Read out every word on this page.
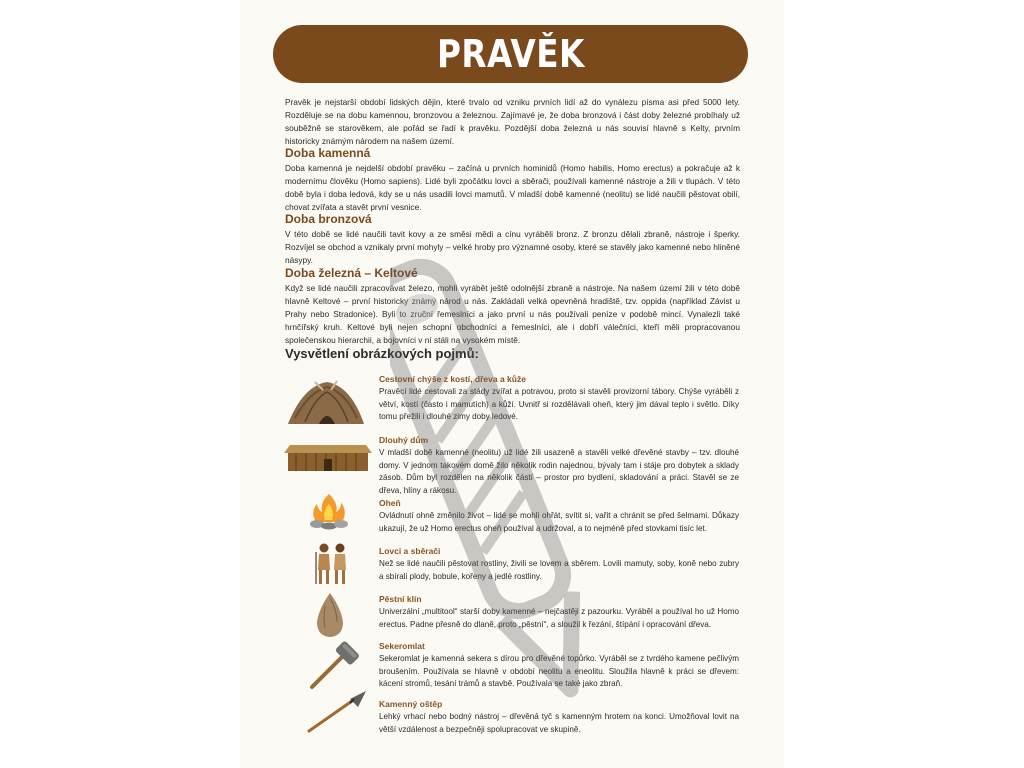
PRAVĚK

Pravěk je nejstarší období lidských dějin, které trvalo od vzniku prvních lidí až do vynálezu písma asi před 5000 lety. Rozděluje se na dobu kamennou, bronzovou a železnou. Zajímavé je, že doba bronzová i část doby železné probíhaly už souběžně se starověkem, ale pořád se řadí k pravěku. Pozdější doba železná u nás souvisí hlavně s Kelty, prvním historicky známým národem na našem území.

Doba kamenná

Doba kamenná je nejdelší období pravěku – začíná u prvních hominidů (Homo habilis, Homo erectus) a pokračuje až k modernímu člověku (Homo sapiens). Lidé byli zpočátku lovci a sběrači, používali kamenné nástroje a žili v tlupách. V této době byla i doba ledová, kdy se u nás usadili lovci mamutů. V mladší době kamenné (neolitu) se lidé naučili pěstovat obilí, chovat zvířata a stavět první vesnice.

Doba bronzová

V této době se lidé naučili tavit kovy a ze směsi mědi a cínu vyráběli bronz. Z bronzu dělali zbraně, nástroje i šperky. Rozvíjel se obchod a vznikaly první mohyly – velké hroby pro významné osoby, které se stavěly jako kamenné nebo hliněné násypy.

Doba železná – Keltové

Když se lidé naučili zpracovávat železo, mohli vyrábět ještě odolnější zbraně a nástroje. Na našem území žili v této době hlavně Keltové – první historicky známý národ u nás. Zakládali velká opevněná hradiště, tzv. oppida (například Závist u Prahy nebo Stradonice). Byli to zruční řemeslníci a jako první u nás používali peníze v podobě mincí. Vynalezli také hrnčířský kruh. Keltové byli nejen schopní obchodníci a řemeslníci, ale i dobří válečníci, kteří měli propracovanou společenskou hierarchii, a bojovníci v ní stáli na vysokém místě.

Vysvětlení obrázkových pojmů:
Cestovní chýše z kostí, dřeva a kůže

Pravěcí lidé cestovali za stády zvířat a potravou, proto si stavěli provizorní tábory. Chýše vyráběli z větví, kostí (často i mamutích) a kůží. Uvnitř si rozdělávali oheň, který jim dával teplo i světlo. Díky tomu přežili i dlouhé zimy doby ledové.

Dlouhý dům

V mladší době kamenné (neolitu) už lidé žili usazeně a stavěli velké dřevěné stavby – tzv. dlouhé domy. V jednom takovém domě žilo několik rodin najednou, bývaly tam i stáje pro dobytek a sklady zásob. Dům byl rozdělen na několik částí – prostor pro bydlení, skladování a práci. Stavěl se ze dřeva, hlíny a rákosu.

Oheň

Ovládnutí ohně změnilo život – lidé se mohli ohřát, svítit si, vařit a chránit se před šelmami. Důkazy ukazují, že už Homo erectus oheň používal a udržoval, a to nejméně před stovkami tisíc let.

Lovci a sběrači

Než se lidé naučili pěstovat rostliny, živili se lovem a sběrem. Lovili mamuty, soby, koně nebo zubry a sbírali plody, bobule, kořeny a jedlé rostliny.

Pěstní klín

Univerzální „multitool“ starší doby kamenné – nejčastěji z pazourku. Vyráběl a používal ho už Homo erectus. Padne přesně do dlaně, proto „pěstní“, a sloužil k řezání, štípání i opracování dřeva.

Sekeromlat

Sekeromlat je kamenná sekera s dírou pro dřevěné topůrko. Vyráběl se z tvrdého kamene pečlivým broušením. Používala se hlavně v období neolitu a eneolitu. Sloužila hlavně k práci se dřevem: kácení stromů, tesání trámů a stavbě. Používala se také jako zbraň.

Kamenný oštěp

Lehký vrhací nebo bodný nástroj – dřevěná tyč s kamenným hrotem na konci. Umožňoval lovit na větší vzdálenost a bezpečněji spolupracovat ve skupině.
